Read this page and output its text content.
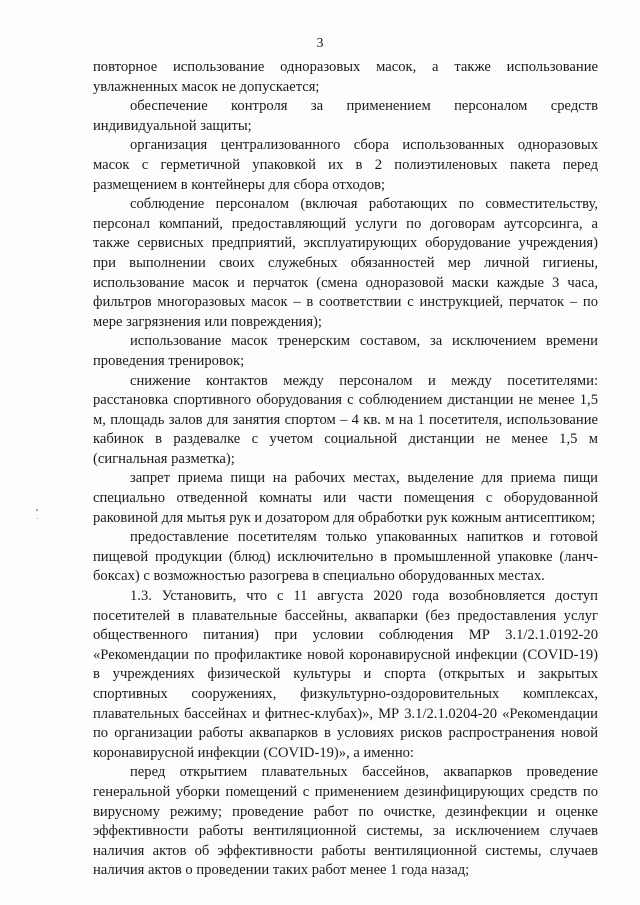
3

повторное использование одноразовых масок, а также использование увлажненных масок не допускается;

обеспечение контроля за применением персоналом средств индивидуальной защиты;

организация централизованного сбора использованных одноразовых масок с герметичной упаковкой их в 2 полиэтиленовых пакета перед размещением в контейнеры для сбора отходов;

соблюдение персоналом (включая работающих по совместительству, персонал компаний, предоставляющий услуги по договорам аутсорсинга, а также сервисных предприятий, эксплуатирующих оборудование учреждения) при выполнении своих служебных обязанностей мер личной гигиены, использование масок и перчаток (смена одноразовой маски каждые 3 часа, фильтров многоразовых масок – в соответствии с инструкцией, перчаток – по мере загрязнения или повреждения);

использование масок тренерским составом, за исключением времени проведения тренировок;

снижение контактов между персоналом и между посетителями: расстановка спортивного оборудования с соблюдением дистанции не менее 1,5 м, площадь залов для занятия спортом – 4 кв. м на 1 посетителя, использование кабинок в раздевалке с учетом социальной дистанции не менее 1,5 м (сигнальная разметка);

запрет приема пищи на рабочих местах, выделение для приема пищи специально отведенной комнаты или части помещения с оборудованной раковиной для мытья рук и дозатором для обработки рук кожным антисептиком;

предоставление посетителям только упакованных напитков и готовой пищевой продукции (блюд) исключительно в промышленной упаковке (ланч-боксах) с возможностью разогрева в специально оборудованных местах.

1.3. Установить, что с 11 августа 2020 года возобновляется доступ посетителей в плавательные бассейны, аквапарки (без предоставления услуг общественного питания) при условии соблюдения МР 3.1/2.1.0192-20 «Рекомендации по профилактике новой коронавирусной инфекции (COVID-19) в учреждениях физической культуры и спорта (открытых и закрытых спортивных сооружениях, физкультурно-оздоровительных комплексах, плавательных бассейнах и фитнес-клубах)», МР 3.1/2.1.0204-20 «Рекомендации по организации работы аквапарков в условиях рисков распространения новой коронавирусной инфекции (COVID-19)», а именно:

перед открытием плавательных бассейнов, аквапарков проведение генеральной уборки помещений с применением дезинфицирующих средств по вирусному режиму; проведение работ по очистке, дезинфекции и оценке эффективности работы вентиляционной системы, за исключением случаев наличия актов об эффективности работы вентиляционной системы, случаев наличия актов о проведении таких работ менее 1 года назад;
